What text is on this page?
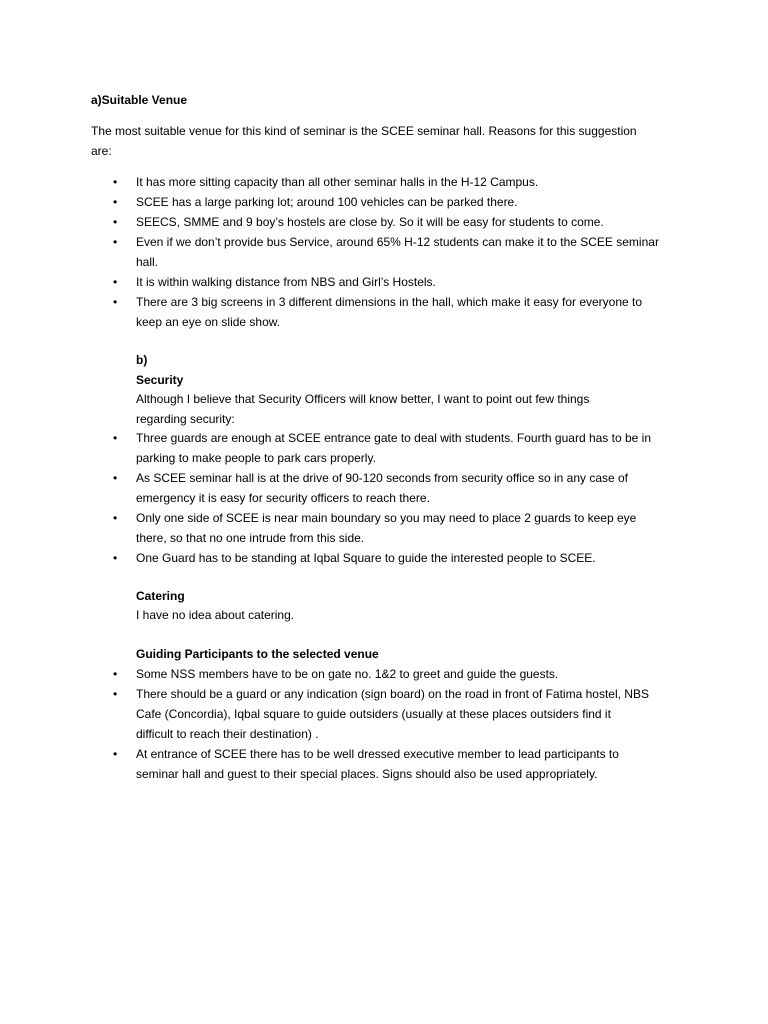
a)Suitable Venue
The most suitable venue for this kind of seminar is the SCEE seminar hall. Reasons for this suggestion
are:
• It has more sitting capacity than all other seminar halls in the H-12 Campus.
• SCEE has a large parking lot; around 100 vehicles can be parked there.
• SEECS, SMME and 9 boy’s hostels are close by. So it will be easy for students to come.
• Even if we don’t provide bus Service, around 65% H-12 students can make it to the SCEE seminar
hall.
• It is within walking distance from NBS and Girl’s Hostels.
• There are 3 big screens in 3 different dimensions in the hall, which make it easy for everyone to
keep an eye on slide show.
b)
Security
Although I believe that Security Officers will know better, I want to point out few things
regarding security:
• Three guards are enough at SCEE entrance gate to deal with students. Fourth guard has to be in
parking to make people to park cars properly.
• As SCEE seminar hall is at the drive of 90-120 seconds from security office so in any case of
emergency it is easy for security officers to reach there.
• Only one side of SCEE is near main boundary so you may need to place 2 guards to keep eye
there, so that no one intrude from this side.
• One Guard has to be standing at Iqbal Square to guide the interested people to SCEE.
Catering
I have no idea about catering.
Guiding Participants to the selected venue
• Some NSS members have to be on gate no. 1&2 to greet and guide the guests.
• There should be a guard or any indication (sign board) on the road in front of Fatima hostel, NBS
Cafe (Concordia), Iqbal square to guide outsiders (usually at these places outsiders find it
difficult to reach their destination) .
• At entrance of SCEE there has to be well dressed executive member to lead participants to
seminar hall and guest to their special places. Signs should also be used appropriately.
